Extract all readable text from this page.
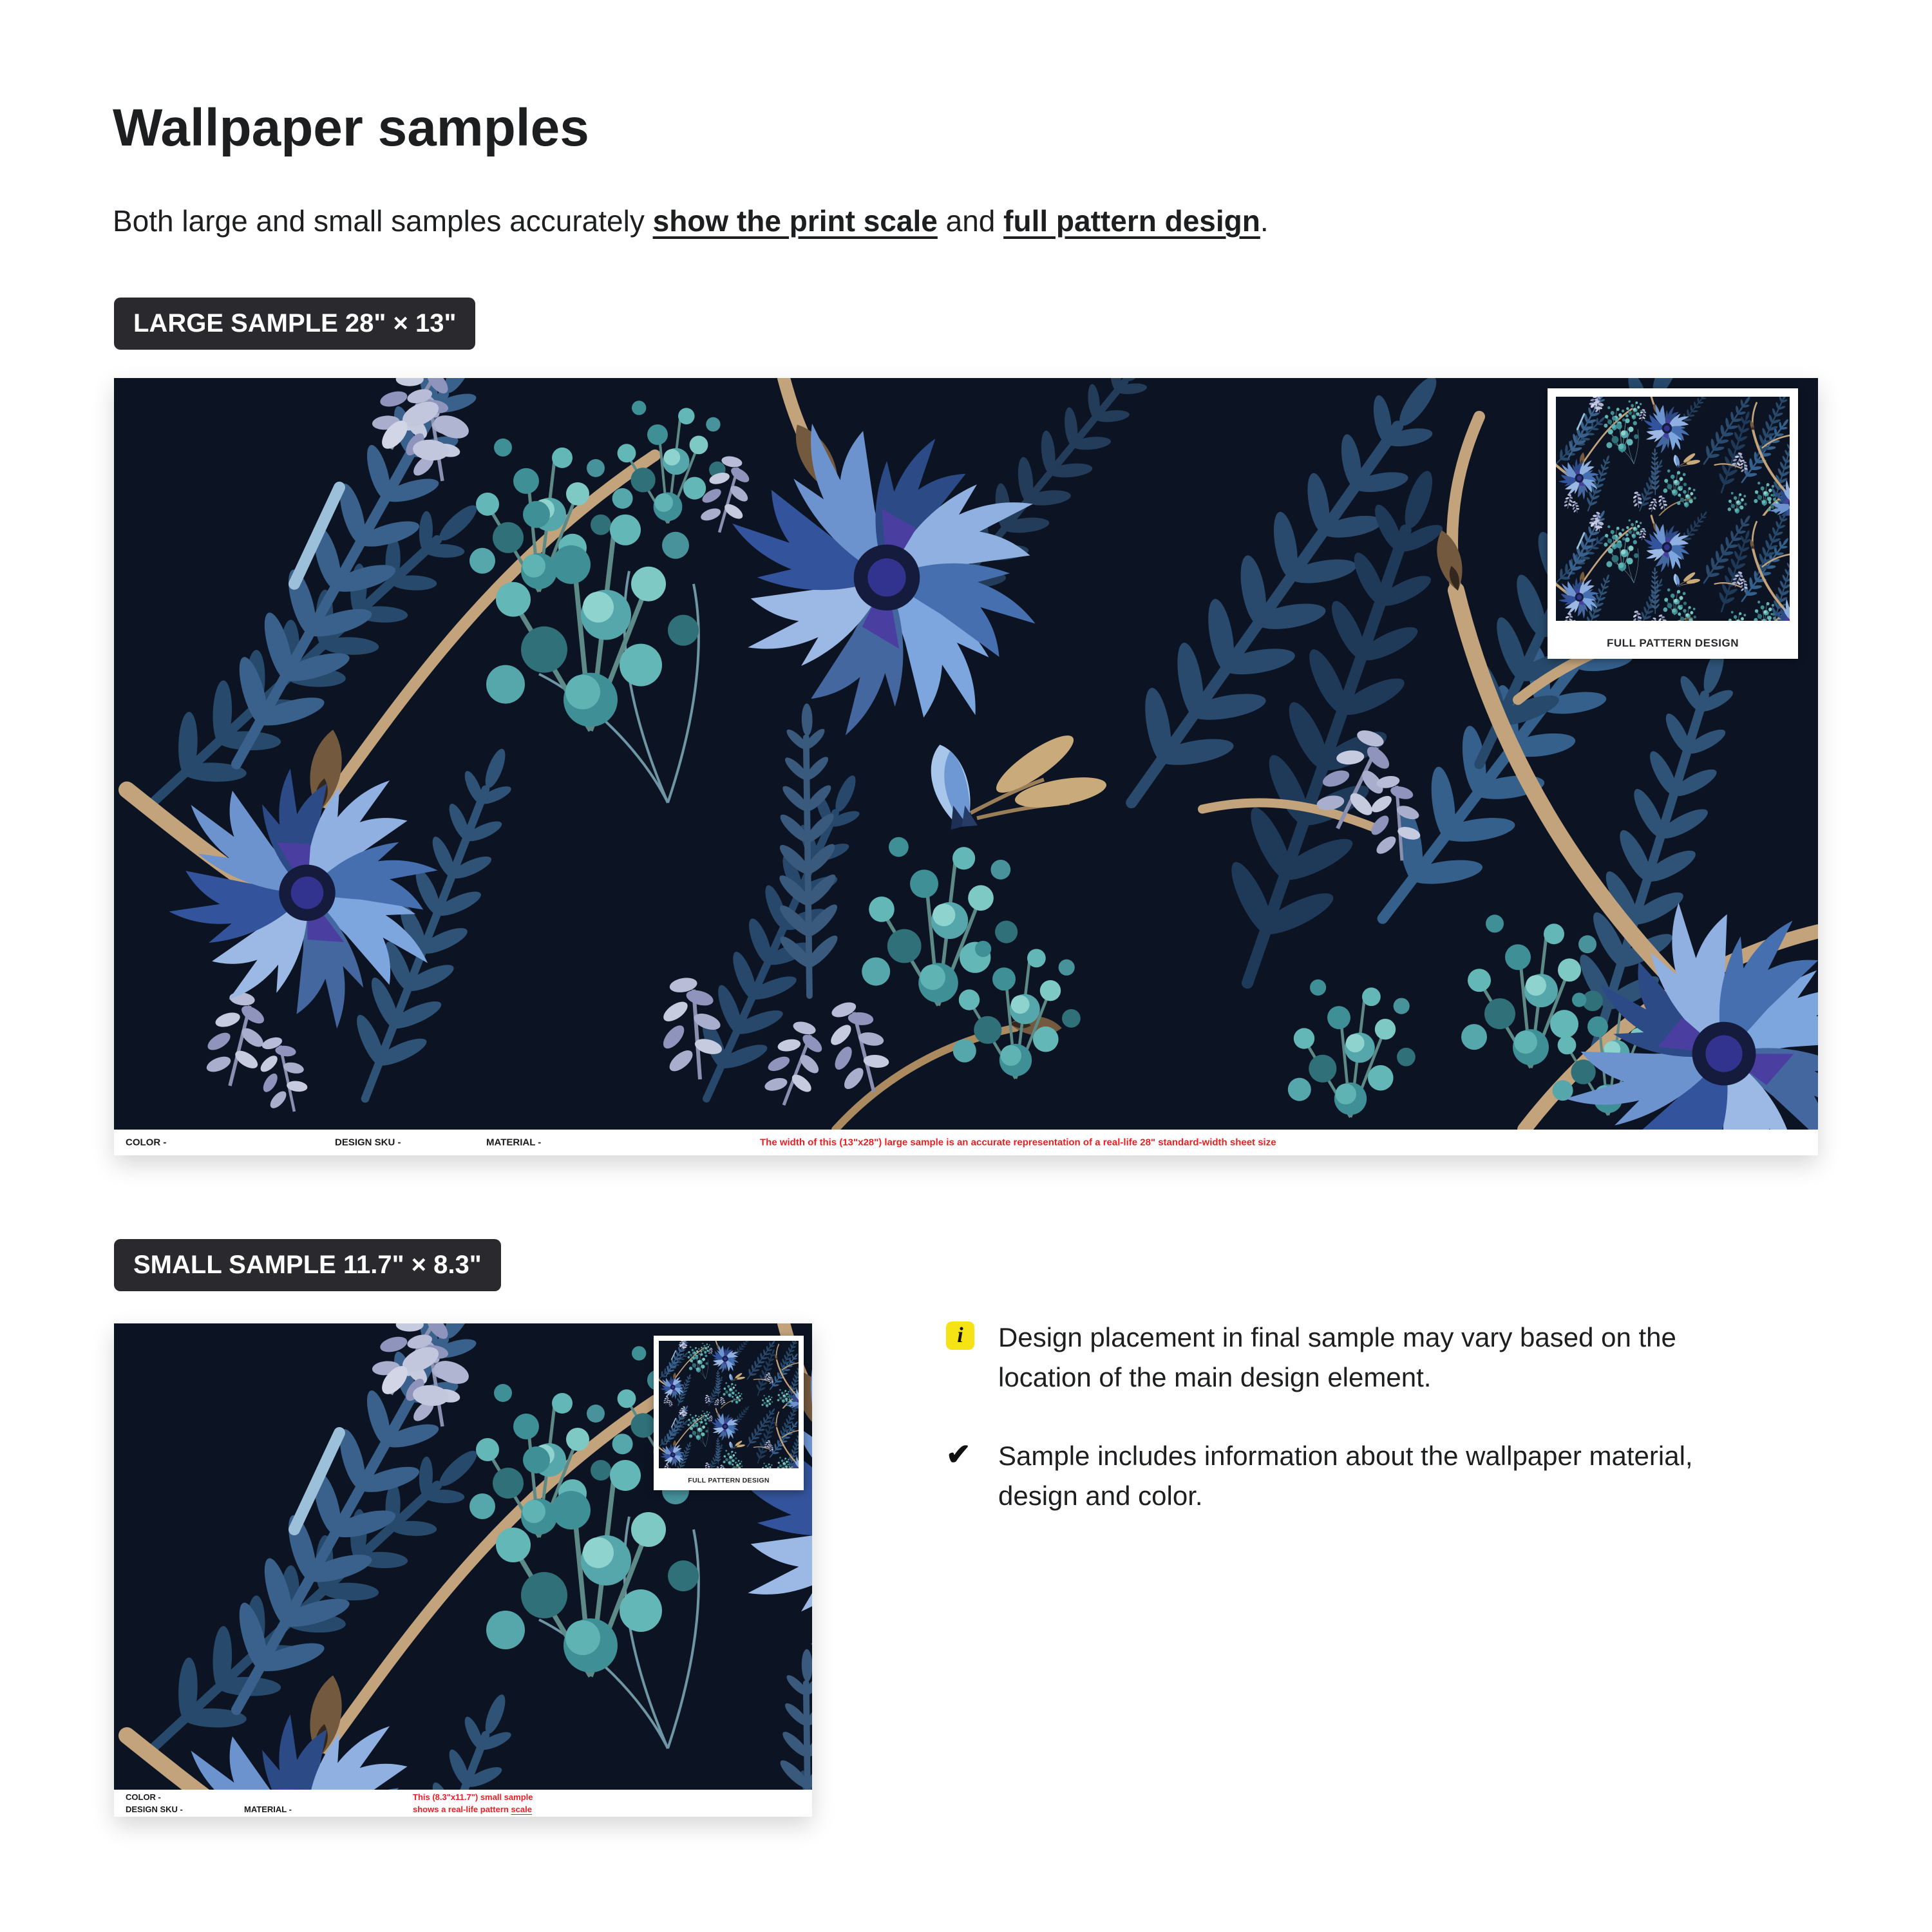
Wallpaper samples
Both large and small samples accurately show the print scale and full pattern design.
LARGE SAMPLE 28" × 13"
FULL PATTERN DESIGN
COLOR -	DESIGN SKU -	MATERIAL -	The width of this (13"x28") large sample is an accurate representation of a real-life 28" standard-width sheet size
SMALL SAMPLE 11.7" × 8.3"
FULL PATTERN DESIGN
COLOR -	This (8.3"x11.7") small sample
DESIGN SKU -	MATERIAL -	shows a real-life pattern scale
i	Design placement in final sample may vary based on the
location of the main design element.
✔ Sample includes information about the wallpaper material,
design and color.
